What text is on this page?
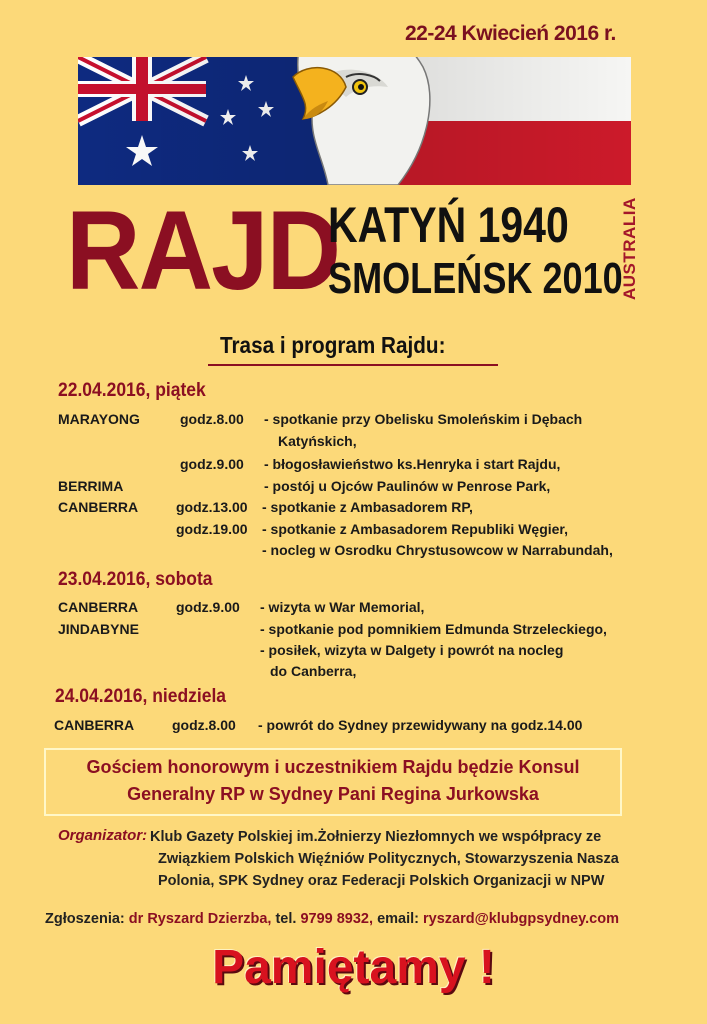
22-24 Kwiecień 2016 r.
RAJD
KATYŃ 1940
SMOLEŃSK 2010
AUSTRALIA
Trasa i program Rajdu:
22.04.2016, piątek
MARAYONG	godz.8.00 - spotkanie przy Obelisku Smoleńskim i Dębach
Katyńskich,
godz.9.00 - błogosławieństwo ks.Henryka i start Rajdu,
BERRIMA	- postój u Ojców Paulinów w Penrose Park,
CANBERRA	godz.13.00 - spotkanie z Ambasadorem RP,
godz.19.00 - spotkanie z Ambasadorem Republiki Węgier,
- nocleg w Osrodku Chrystusowcow w Narrabundah,
23.04.2016, sobota
CANBERRA	godz.9.00 - wizyta w War Memorial,
JINDABYNE	- spotkanie pod pomnikiem Edmunda Strzeleckiego,
- posiłek, wizyta w Dalgety i powrót na nocleg
do Canberra,
24.04.2016, niedziela
CANBERRA	godz.8.00 - powrót do Sydney przewidywany na godz.14.00
Gościem honorowym i uczestnikiem Rajdu będzie Konsul
Generalny RP w Sydney Pani Regina Jurkowska
Organizator: Klub Gazety Polskiej im.Żołnierzy Niezłomnych we współpracy ze
Związkiem Polskich Więźniów Politycznych, Stowarzyszenia Nasza
Polonia, SPK Sydney oraz Federacji Polskich Organizacji w NPW
Zgłoszenia: dr Ryszard Dzierzba, tel. 9799 8932, email: ryszard@klubgpsydney.com
Pamiętamy !
